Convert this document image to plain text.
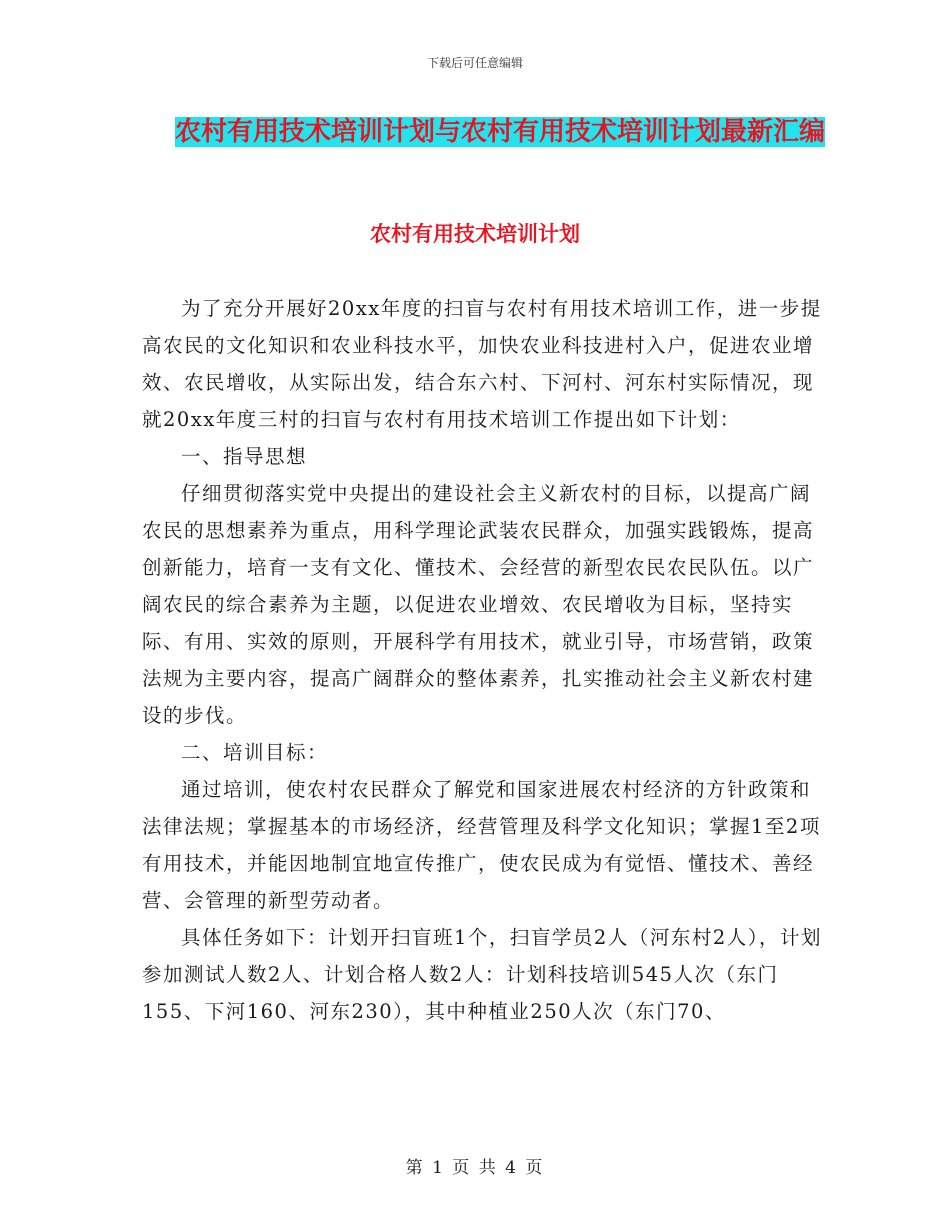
下载后可任意编辑
农村有用技术培训计划与农村有用技术培训计划最新汇编
农村有用技术培训计划

为了充分开展好20xx年度的扫盲与农村有用技术培训工作，进一步提高农民的文化知识和农业科技水平，加快农业科技进村入户，促进农业增效、农民增收，从实际出发，结合东六村、下河村、河东村实际情况，现就20xx年度三村的扫盲与农村有用技术培训工作提出如下计划：

一、指导思想

仔细贯彻落实党中央提出的建设社会主义新农村的目标，以提高广阔农民的思想素养为重点，用科学理论武装农民群众，加强实践锻炼，提高创新能力，培育一支有文化、懂技术、会经营的新型农民农民队伍。以广阔农民的综合素养为主题，以促进农业增效、农民增收为目标，坚持实际、有用、实效的原则，开展科学有用技术，就业引导，市场营销，政策法规为主要内容，提高广阔群众的整体素养，扎实推动社会主义新农村建设的步伐。

二、培训目标：

通过培训，使农村农民群众了解党和国家进展农村经济的方针政策和法律法规；掌握基本的市场经济，经营管理及科学文化知识；掌握1至2项有用技术，并能因地制宜地宣传推广，使农民成为有觉悟、懂技术、善经营、会管理的新型劳动者。

具体任务如下：计划开扫盲班1个，扫盲学员2人（河东村2人），计划参加测试人数2人、计划合格人数2人：计划科技培训545人次（东门155、下河160、河东230），其中种植业250人次（东门70、

第 1 页 共 4 页
